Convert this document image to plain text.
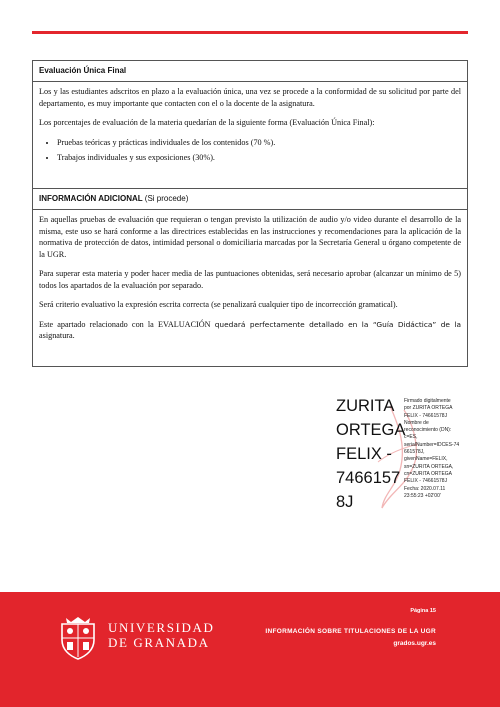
Evaluación Única Final

Los y las estudiantes adscritos en plazo a la evaluación única, una vez se procede a la conformidad de su solicitud por parte del departamento, es muy importante que contacten con el o la docente de la asignatura.

Los porcentajes de evaluación de la materia quedarían de la siguiente forma (Evaluación Única Final):

• Pruebas teóricas y prácticas individuales de los contenidos (70 %).
• Trabajos individuales y sus exposiciones (30%).
INFORMACIÓN ADICIONAL (Si procede)

En aquellas pruebas de evaluación que requieran o tengan previsto la utilización de audio y/o video durante el desarrollo de la misma, este uso se hará conforme a las directrices establecidas en las instrucciones y recomendaciones para la aplicación de la normativa de protección de datos, intimidad personal o domiciliaria marcadas por la Secretaría General u órgano competente de la UGR.

Para superar esta materia y poder hacer media de las puntuaciones obtenidas, será necesario aprobar (alcanzar un mínimo de 5) todos los apartados de la evaluación por separado.

Será criterio evaluativo la expresión escrita correcta (se penalizará cualquier tipo de incorrección gramatical).

Este apartado relacionado con la EVALUACIÓN quedará perfectamente detallado en la “Guía Didáctica” de la asignatura.

ZURITA
ORTEGA
FELIX -
7466157
8J
Firmado digitalmente
por ZURITA ORTEGA
FELIX - 74661578J
Nombre de
reconocimiento (DN):
c=ES,
serialNumber=IDCES-74
661578J,
givenName=FELIX,
sn=ZURITA ORTEGA,
cn=ZURITA ORTEGA
FELIX - 74661578J
Fecha: 2020.07.11
23:55:23 +02'00'
UNIVERSIDAD
DE GRANADA
Página 15
INFORMACIÓN SOBRE TITULACIONES DE LA UGR
grados.ugr.es
